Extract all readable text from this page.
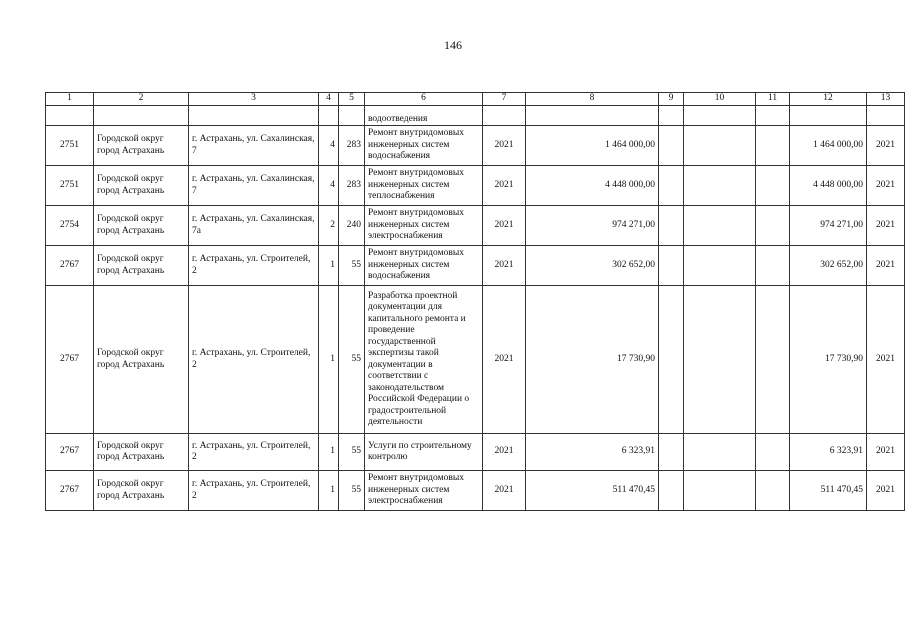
146
1	2	3	4	5	6	7	8	9	10	11	12	13
					водоотведения							
2751	Городской округ город Астрахань	г. Астрахань, ул. Сахалинская, 7	4	283	Ремонт внутридомовых инженерных систем водоснабжения	2021	1 464 000,00				1 464 000,00	2021
2751	Городской округ город Астрахань	г. Астрахань, ул. Сахалинская, 7	4	283	Ремонт внутридомовых инженерных систем теплоснабжения	2021	4 448 000,00				4 448 000,00	2021
2754	Городской округ город Астрахань	г. Астрахань, ул. Сахалинская, 7а	2	240	Ремонт внутридомовых инженерных систем электроснабжения	2021	974 271,00				974 271,00	2021
2767	Городской округ город Астрахань	г. Астрахань, ул. Строителей, 2	1	55	Ремонт внутридомовых инженерных систем водоснабжения	2021	302 652,00				302 652,00	2021
2767	Городской округ город Астрахань	г. Астрахань, ул. Строителей, 2	1	55	Разработка проектной документации для капитального ремонта и проведение государственной экспертизы такой документации в соответствии с законодательством Российской Федерации о градостроительной деятельности	2021	17 730,90				17 730,90	2021
2767	Городской округ город Астрахань	г. Астрахань, ул. Строителей, 2	1	55	Услуги по строительному контролю	2021	6 323,91				6 323,91	2021
2767	Городской округ город Астрахань	г. Астрахань, ул. Строителей, 2	1	55	Ремонт внутридомовых инженерных систем электроснабжения	2021	511 470,45				511 470,45	2021
